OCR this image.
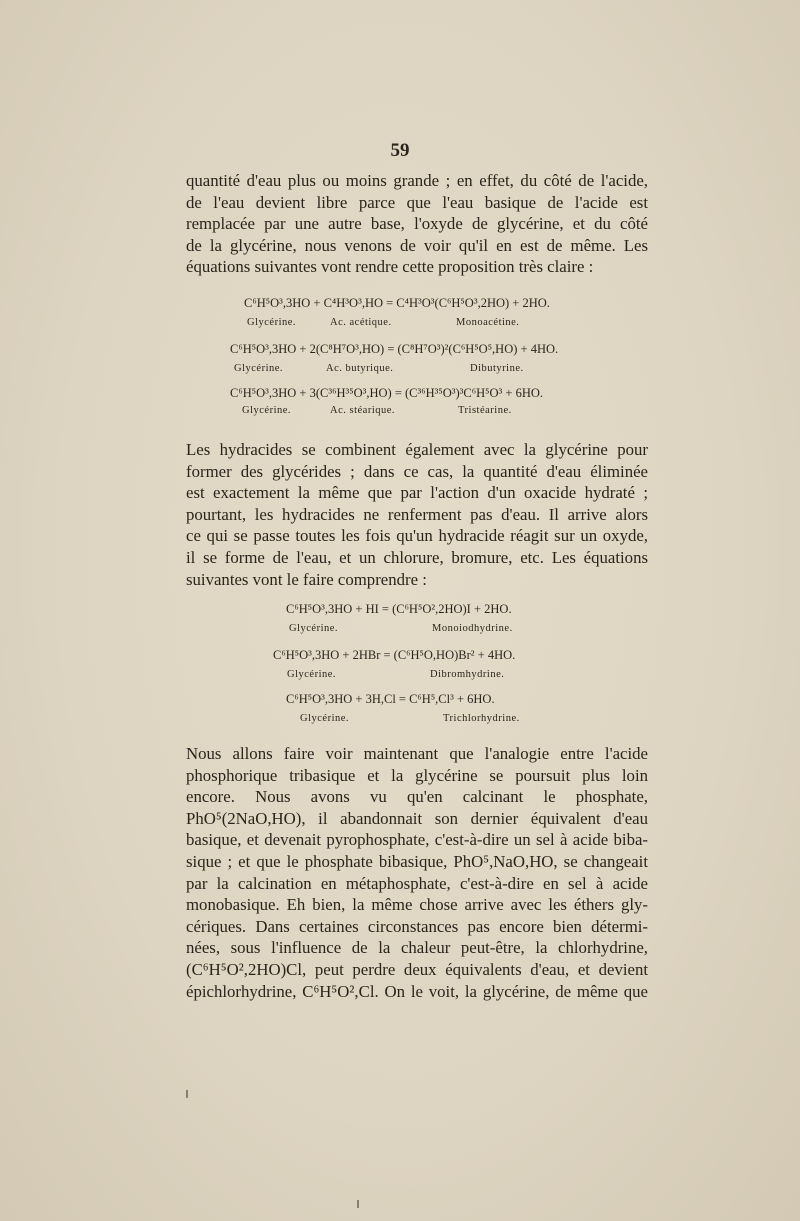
59
quantité d'eau plus ou moins grande ; en effet, du côté de l'acide,
de l'eau devient libre parce que l'eau basique de l'acide est
remplacée par une autre base, l'oxyde de glycérine, et du côté
de la glycérine, nous venons de voir qu'il en est de même. Les
équations suivantes vont rendre cette proposition très claire :
C⁶H⁵O³,3HO + C⁴H³O³,HO = C⁴H³O³(C⁶H⁵O³,2HO) + 2HO.
Glycérine.	Ac. acétique.	Monoacétine.
C⁶H⁵O³,3HO + 2(C⁸H⁷O³,HO) = (C⁸H⁷O³)²(C⁶H⁵O⁵,HO) + 4HO.
Glycérine.	Ac. butyrique.	Dibutyrine.
C⁶H⁵O³,3HO + 3(C³⁶H³⁵O³,HO) = (C³⁶H³⁵O³)³C⁶H⁵O³ + 6HO.
Glycérine.	Ac. stéarique.	Tristéarine.
Les hydracides se combinent également avec la glycérine pour
former des glycérides ; dans ce cas, la quantité d'eau éliminée
est exactement la même que par l'action d'un oxacide hydraté ;
pourtant, les hydracides ne renferment pas d'eau. Il arrive alors
ce qui se passe toutes les fois qu'un hydracide réagit sur un oxyde,
il se forme de l'eau, et un chlorure, bromure, etc. Les équations
suivantes vont le faire comprendre :
C⁶H⁵O³,3HO + HI = (C⁶H⁵O²,2HO)I + 2HO.
Glycérine.	Monoiodhydrine.
C⁶H⁵O³,3HO + 2HBr = (C⁶H⁵O,HO)Br² + 4HO.
Glycérine.	Dibromhydrine.
C⁶H⁵O³,3HO + 3H,Cl = C⁶H⁵,Cl³ + 6HO.
Glycérine.	Trichlorhydrine.
Nous allons faire voir maintenant que l'analogie entre l'acide
phosphorique tribasique et la glycérine se poursuit plus loin
encore. Nous avons vu qu'en calcinant le phosphate,
PhO⁵(2NaO,HO), il abandonnait son dernier équivalent d'eau
basique, et devenait pyrophosphate, c'est-à-dire un sel à acide biba-
sique ; et que le phosphate bibasique, PhO⁵,NaO,HO, se changeait
par la calcination en métaphosphate, c'est-à-dire en sel à acide
monobasique. Eh bien, la même chose arrive avec les éthers gly-
cériques. Dans certaines circonstances pas encore bien détermi-
nées, sous l'influence de la chaleur peut-être, la chlorhydrine,
(C⁶H⁵O²,2HO)Cl, peut perdre deux équivalents d'eau, et devient
épichlorhydrine, C⁶H⁵O²,Cl. On le voit, la glycérine, de même que
